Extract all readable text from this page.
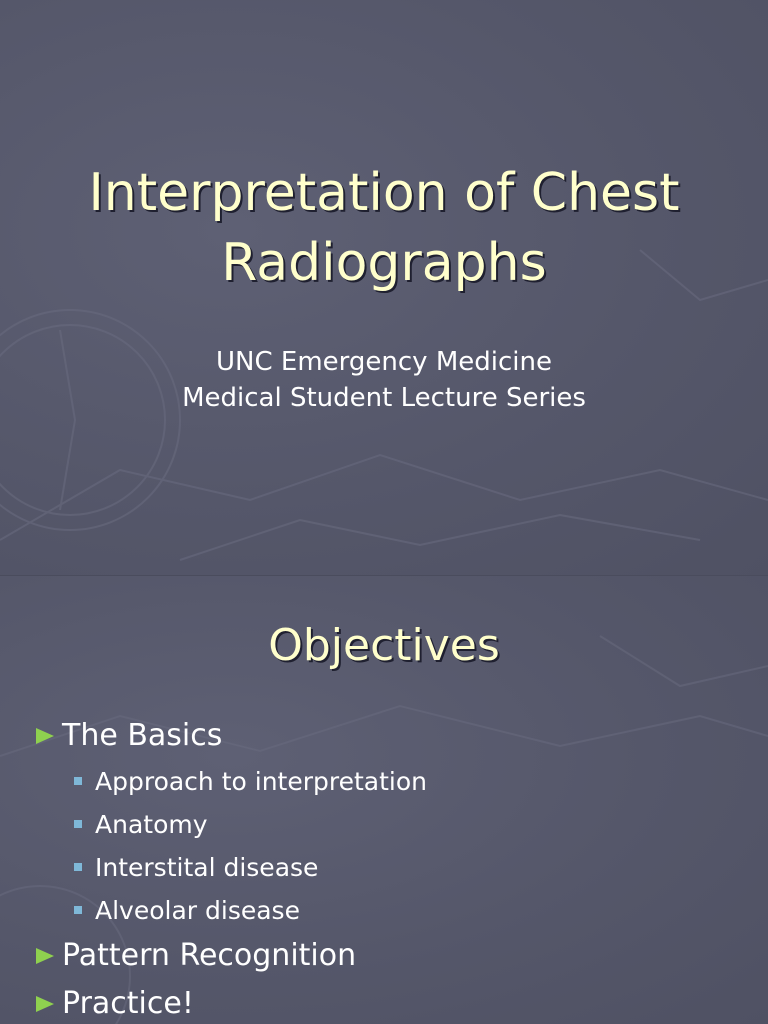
Interpretation of Chest
Radiographs
UNC Emergency Medicine
Medical Student Lecture Series
Objectives
The Basics
Approach to interpretation
Anatomy
Interstital disease
Alveolar disease
Pattern Recognition
Practice!
